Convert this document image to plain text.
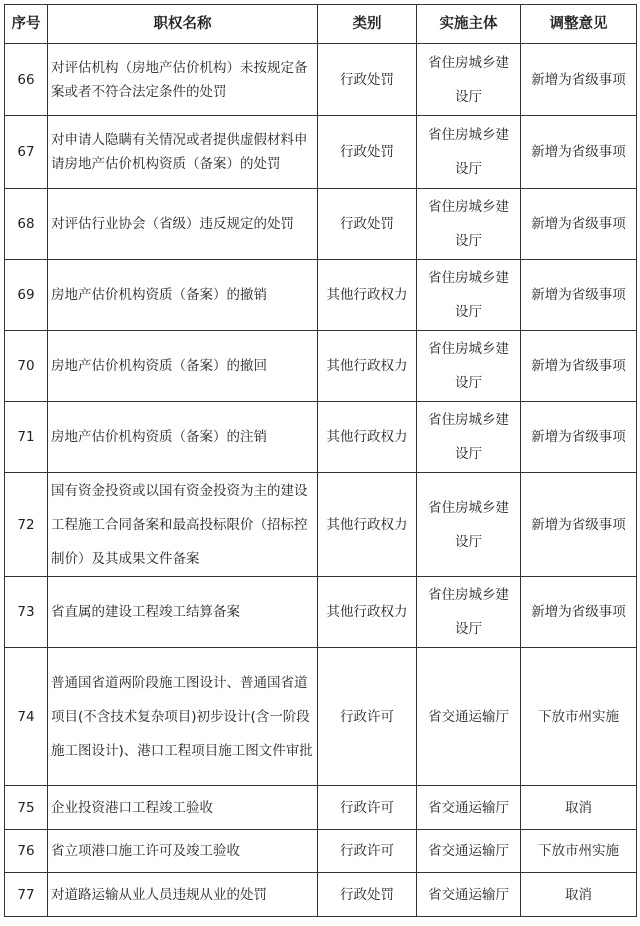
序号	职权名称	类别	实施主体	调整意见
66	对评估机构（房地产估价机构）未按规定备案或者不符合法定条件的处罚	行政处罚	省住房城乡建设厅	新增为省级事项
67	对申请人隐瞒有关情况或者提供虚假材料申请房地产估价机构资质（备案）的处罚	行政处罚	省住房城乡建设厅	新增为省级事项
68	对评估行业协会（省级）违反规定的处罚	行政处罚	省住房城乡建设厅	新增为省级事项
69	房地产估价机构资质（备案）的撤销	其他行政权力	省住房城乡建设厅	新增为省级事项
70	房地产估价机构资质（备案）的撤回	其他行政权力	省住房城乡建设厅	新增为省级事项
71	房地产估价机构资质（备案）的注销	其他行政权力	省住房城乡建设厅	新增为省级事项
72	国有资金投资或以国有资金投资为主的建设工程施工合同备案和最高投标限价（招标控制价）及其成果文件备案	其他行政权力	省住房城乡建设厅	新增为省级事项
73	省直属的建设工程竣工结算备案	其他行政权力	省住房城乡建设厅	新增为省级事项
74	普通国省道两阶段施工图设计、普通国省道项目(不含技术复杂项目)初步设计(含一阶段施工图设计)、港口工程项目施工图文件审批	行政许可	省交通运输厅	下放市州实施
75	企业投资港口工程竣工验收	行政许可	省交通运输厅	取消
76	省立项港口施工许可及竣工验收	行政许可	省交通运输厅	下放市州实施
77	对道路运输从业人员违规从业的处罚	行政处罚	省交通运输厅	取消
